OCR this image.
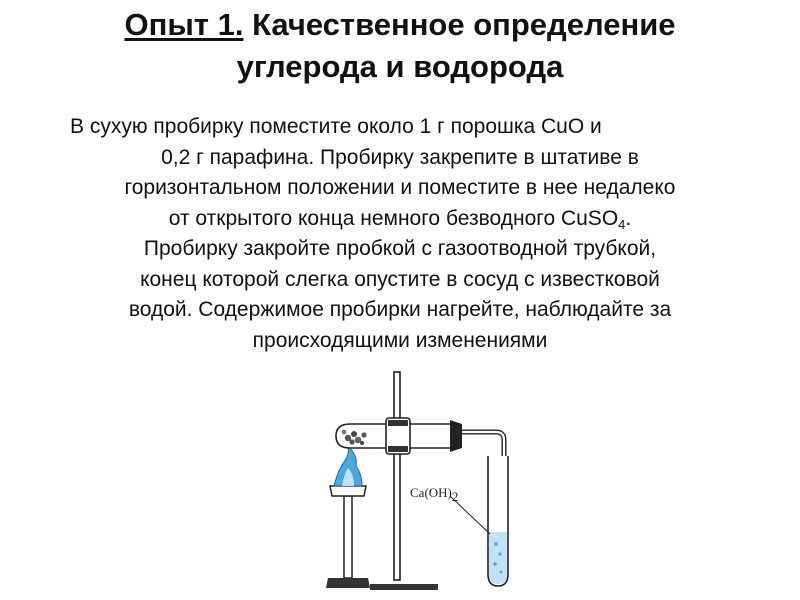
Опыт 1. Качественное определение
углерода и водорода
В сухую пробирку поместите около 1 г порошка CuO и
0,2 г парафина. Пробирку закрепите в штативе в
горизонтальном положении и поместите в нее недалеко
от открытого конца немного безводного CuSO$_4$.
Пробирку закройте пробкой с газоотводной трубкой,
конец которой слегка опустите в сосуд с известковой
водой. Содержимое пробирки нагрейте, наблюдайте за
происходящими изменениями
$Ca(OH)_2$
